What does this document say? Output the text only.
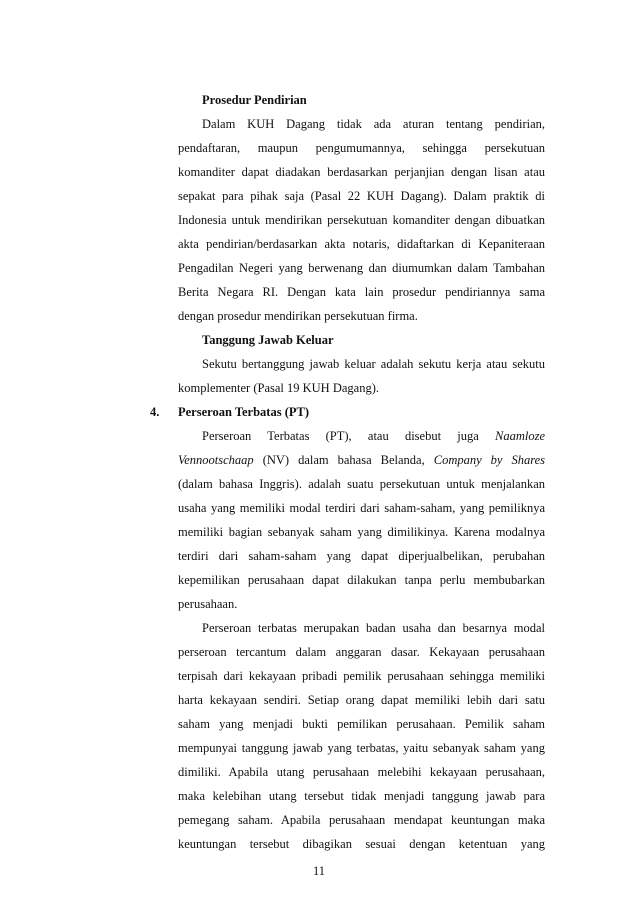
Prosedur Pendirian
Dalam KUH Dagang tidak ada aturan tentang pendirian,
pendaftaran, maupun pengumumannya, sehingga persekutuan
komanditer dapat diadakan berdasarkan perjanjian dengan lisan atau
sepakat para pihak saja (Pasal 22 KUH Dagang). Dalam praktik di
Indonesia untuk mendirikan persekutuan komanditer dengan dibuatkan
akta pendirian/berdasarkan akta notaris, didaftarkan di Kepaniteraan
Pengadilan Negeri yang berwenang dan diumumkan dalam Tambahan
Berita Negara RI. Dengan kata lain prosedur pendiriannya sama
dengan prosedur mendirikan persekutuan firma.
Tanggung Jawab Keluar
Sekutu bertanggung jawab keluar adalah sekutu kerja atau sekutu
komplementer (Pasal 19 KUH Dagang).
4. Perseroan Terbatas (PT)
Perseroan Terbatas (PT), atau disebut juga Naamloze
Vennootschaap (NV) dalam bahasa Belanda, Company by Shares
(dalam bahasa Inggris). adalah suatu persekutuan untuk menjalankan
usaha yang memiliki modal terdiri dari saham-saham, yang pemiliknya
memiliki bagian sebanyak saham yang dimilikinya. Karena modalnya
terdiri dari saham-saham yang dapat diperjualbelikan, perubahan
kepemilikan perusahaan dapat dilakukan tanpa perlu membubarkan
perusahaan.
Perseroan terbatas merupakan badan usaha dan besarnya modal
perseroan tercantum dalam anggaran dasar. Kekayaan perusahaan
terpisah dari kekayaan pribadi pemilik perusahaan sehingga memiliki
harta kekayaan sendiri. Setiap orang dapat memiliki lebih dari satu
saham yang menjadi bukti pemilikan perusahaan. Pemilik saham
mempunyai tanggung jawab yang terbatas, yaitu sebanyak saham yang
dimiliki. Apabila utang perusahaan melebihi kekayaan perusahaan,
maka kelebihan utang tersebut tidak menjadi tanggung jawab para
pemegang saham. Apabila perusahaan mendapat keuntungan maka
keuntungan tersebut dibagikan sesuai dengan ketentuan yang
11
